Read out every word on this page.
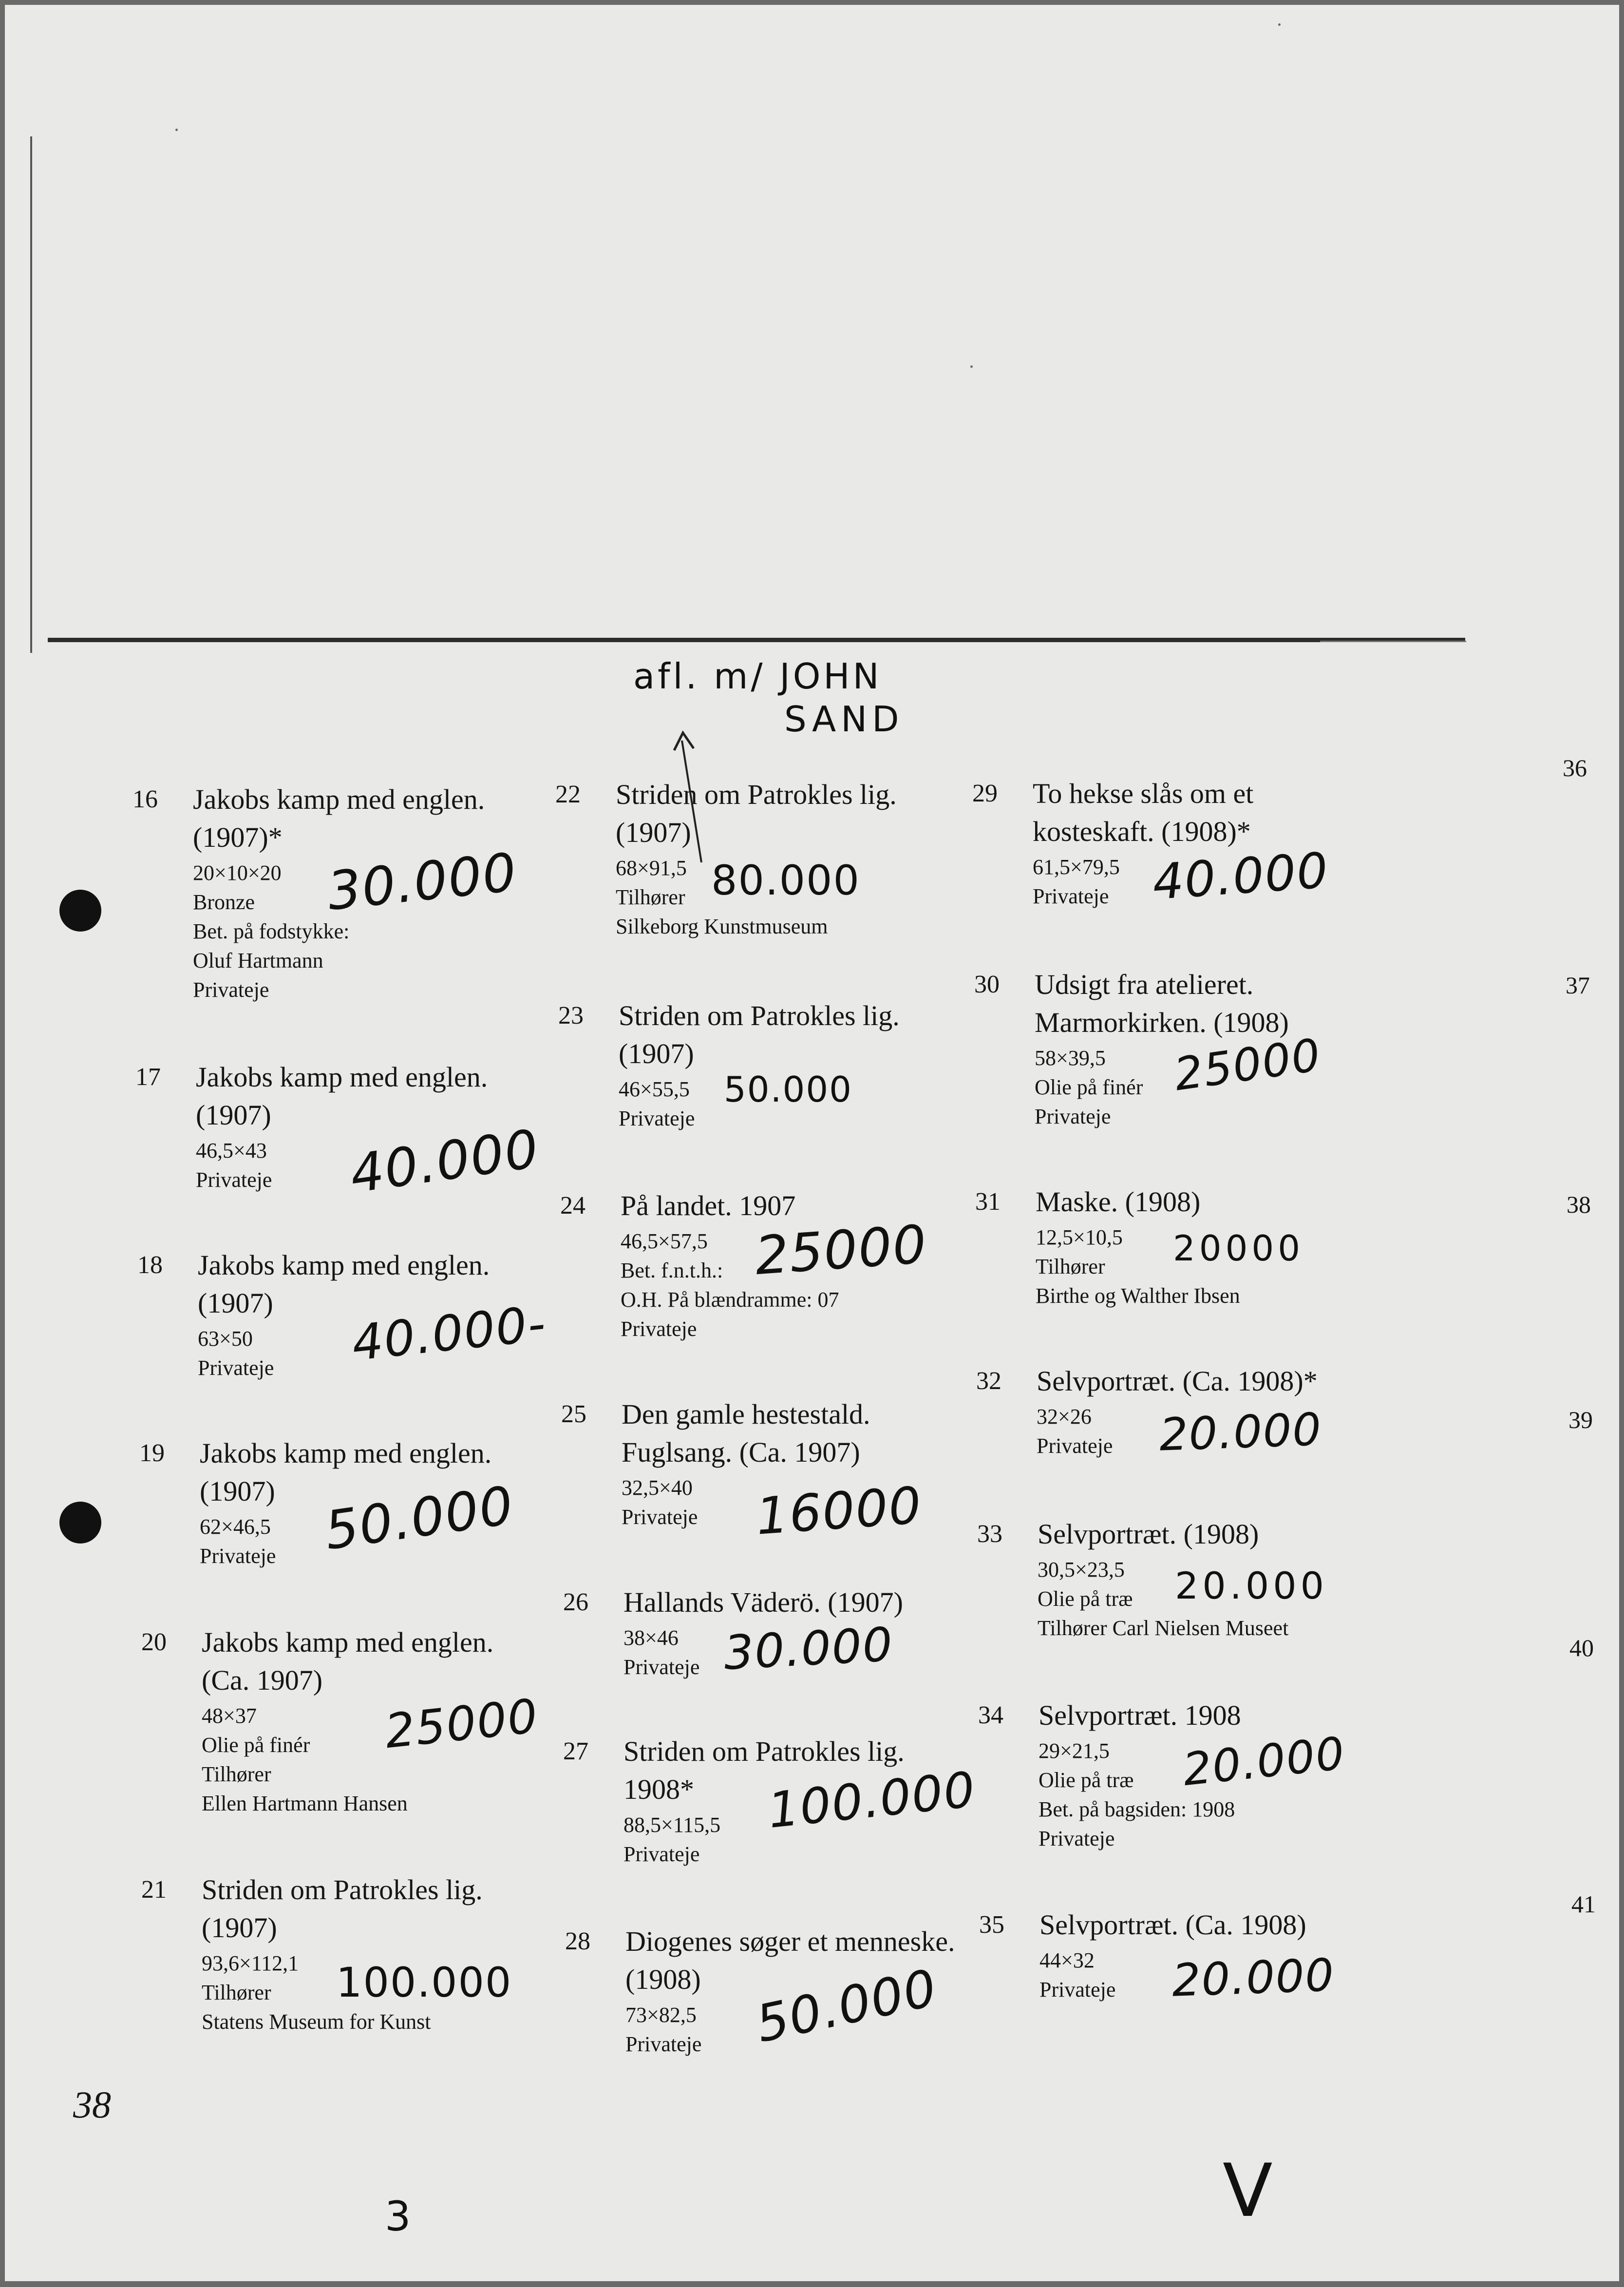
afl. m/ JOHN
SAND
16 Jakobs kamp med englen. (1907)*
20×10×20
Bronze
Bet. på fodstykke:
Oluf Hartmann
Privateje
30.000
17 Jakobs kamp med englen. (1907)
46,5×43
Privateje	40.000
18 Jakobs kamp med englen. (1907)
63×50
Privateje	40.000-
19 Jakobs kamp med englen. (1907)
62×46,5
Privateje 50.000
20 Jakobs kamp med englen. (Ca. 1907)
48×37
Olie på finér
Tilhører
Ellen Hartmann Hansen
25000
21 Striden om Patrokles lig. (1907)
93,6×112,1
Tilhører
Statens Museum for Kunst
100.000
22 Striden om Patrokles lig. (1907)
68×91,5
Tilhører
Silkeborg Kunstmuseum
80.000
23 Striden om Patrokles lig. (1907)
46×55,5
Privateje
50.000
24 På landet. 1907
46,5×57,5
Bet. f.n.t.h.:
O.H. På blændramme: 07
Privateje
25000
25 Den gamle hestestald. Fuglsang. (Ca. 1907)
32,5×40
Privateje	16000
26 Hallands Väderö. (1907)
38×46
Privateje 30.000
27 Striden om Patrokles lig. 1908*
88,5×115,5
Privateje
100.000
28 Diogenes søger et menneske. (1908)
73×82,5
Privateje 50.000
29 To hekse slås om et kosteskaft. (1908)*
61,5×79,5
Privateje 40.000
30 Udsigt fra atelieret. Marmorkirken. (1908)
58×39,5
Olie på finér
Privateje
25000
31 Maske. (1908)
12,5×10,5
Tilhører
Birthe og Walther Ibsen
20000
32 Selvportræt. (Ca. 1908)*
32×26
Privateje	20.000
33 Selvportræt. (1908)
30,5×23,5
Olie på træ
Tilhører Carl Nielsen Museet
20.000
34 Selvportræt. 1908
29×21,5
Olie på træ
Bet. på bagsiden: 1908
Privateje
20.000
35 Selvportræt. (Ca. 1908)
44×32
Privateje	20.000
36
37
38
39
40
41
38
3	V
